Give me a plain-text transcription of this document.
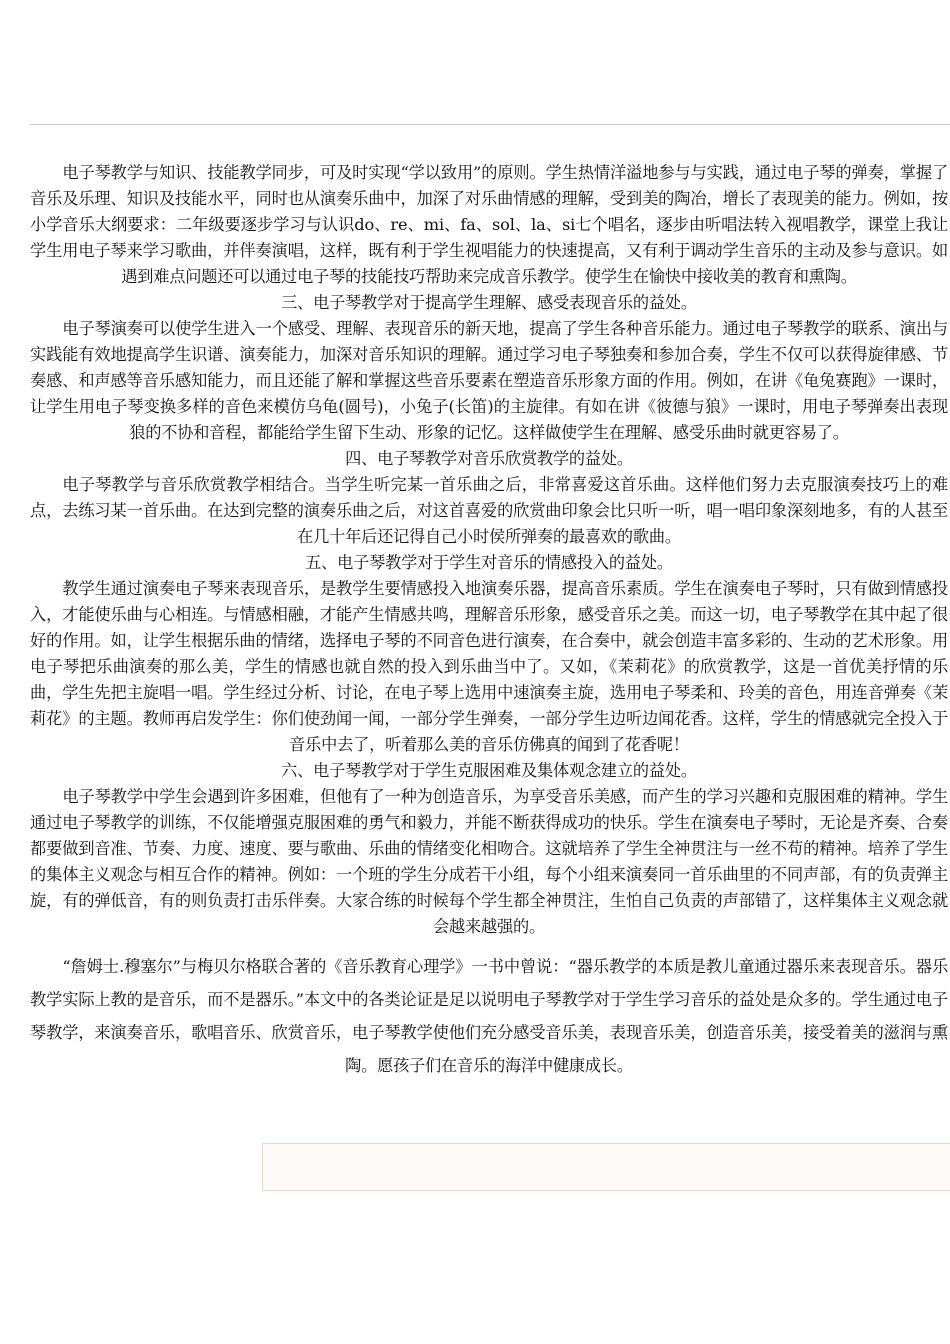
电子琴教学与知识、技能教学同步，可及时实现“学以致用”的原则。学生热情洋溢地参与与实践，通过电子琴的弹奏，掌握了音乐及乐理、知识及技能水平，同时也从演奏乐曲中，加深了对乐曲情感的理解，受到美的陶冶，增长了表现美的能力。例如，按小学音乐大纲要求：二年级要逐步学习与认识do、re、mi、fa、sol、la、si七个唱名，逐步由听唱法转入视唱教学，课堂上我让学生用电子琴来学习歌曲，并伴奏演唱，这样，既有利于学生视唱能力的快速提高，又有利于调动学生音乐的主动及参与意识。如遇到难点问题还可以通过电子琴的技能技巧帮助来完成音乐教学。使学生在愉快中接收美的教育和熏陶。

三、电子琴教学对于提高学生理解、感受表现音乐的益处。

电子琴演奏可以使学生进入一个感受、理解、表现音乐的新天地，提高了学生各种音乐能力。通过电子琴教学的联系、演出与实践能有效地提高学生识谱、演奏能力，加深对音乐知识的理解。通过学习电子琴独奏和参加合奏，学生不仅可以获得旋律感、节奏感、和声感等音乐感知能力，而且还能了解和掌握这些音乐要素在塑造音乐形象方面的作用。例如，在讲《龟兔赛跑》一课时，让学生用电子琴变换多样的音色来模仿乌龟(圆号)，小兔子(长笛)的主旋律。有如在讲《彼德与狼》一课时，用电子琴弹奏出表现狼的不协和音程，都能给学生留下生动、形象的记忆。这样做使学生在理解、感受乐曲时就更容易了。

四、电子琴教学对音乐欣赏教学的益处。

电子琴教学与音乐欣赏教学相结合。当学生听完某一首乐曲之后，非常喜爱这首乐曲。这样他们努力去克服演奏技巧上的难点，去练习某一首乐曲。在达到完整的演奏乐曲之后，对这首喜爱的欣赏曲印象会比只听一听，唱一唱印象深刻地多，有的人甚至在几十年后还记得自己小时侯所弹奏的最喜欢的歌曲。

五、电子琴教学对于学生对音乐的情感投入的益处。

教学生通过演奏电子琴来表现音乐，是教学生要情感投入地演奏乐器，提高音乐素质。学生在演奏电子琴时，只有做到情感投入，才能使乐曲与心相连。与情感相融，才能产生情感共鸣，理解音乐形象，感受音乐之美。而这一切，电子琴教学在其中起了很好的作用。如，让学生根据乐曲的情绪，选择电子琴的不同音色进行演奏，在合奏中，就会创造丰富多彩的、生动的艺术形象。用电子琴把乐曲演奏的那么美，学生的情感也就自然的投入到乐曲当中了。又如，《茉莉花》的欣赏教学，这是一首优美抒情的乐曲，学生先把主旋唱一唱。学生经过分析、讨论，在电子琴上选用中速演奏主旋，选用电子琴柔和、玲美的音色，用连音弹奏《茉莉花》的主题。教师再启发学生：你们使劲闻一闻，一部分学生弹奏，一部分学生边听边闻花香。这样，学生的情感就完全投入于音乐中去了，听着那么美的音乐仿佛真的闻到了花香呢！

六、电子琴教学对于学生克服困难及集体观念建立的益处。

电子琴教学中学生会遇到许多困难，但他有了一种为创造音乐，为享受音乐美感，而产生的学习兴趣和克服困难的精神。学生通过电子琴教学的训练，不仅能增强克服困难的勇气和毅力，并能不断获得成功的快乐。学生在演奏电子琴时，无论是齐奏、合奏都要做到音准、节奏、力度、速度、要与歌曲、乐曲的情绪变化相吻合。这就培养了学生全神贯注与一丝不苟的精神。培养了学生的集体主义观念与相互合作的精神。例如：一个班的学生分成若干小组，每个小组来演奏同一首乐曲里的不同声部，有的负责弹主旋，有的弹低音，有的则负责打击乐伴奏。大家合练的时候每个学生都全神贯注，生怕自己负责的声部错了，这样集体主义观念就会越来越强的。

“詹姆士.穆塞尔”与梅贝尔格联合著的《音乐教育心理学》一书中曾说：“器乐教学的本质是教儿童通过器乐来表现音乐。器乐教学实际上教的是音乐，而不是器乐。”本文中的各类论证是足以说明电子琴教学对于学生学习音乐的益处是众多的。学生通过电子琴教学，来演奏音乐，歌唱音乐、欣赏音乐，电子琴教学使他们充分感受音乐美，表现音乐美，创造音乐美，接受着美的滋润与熏陶。愿孩子们在音乐的海洋中健康成长。
